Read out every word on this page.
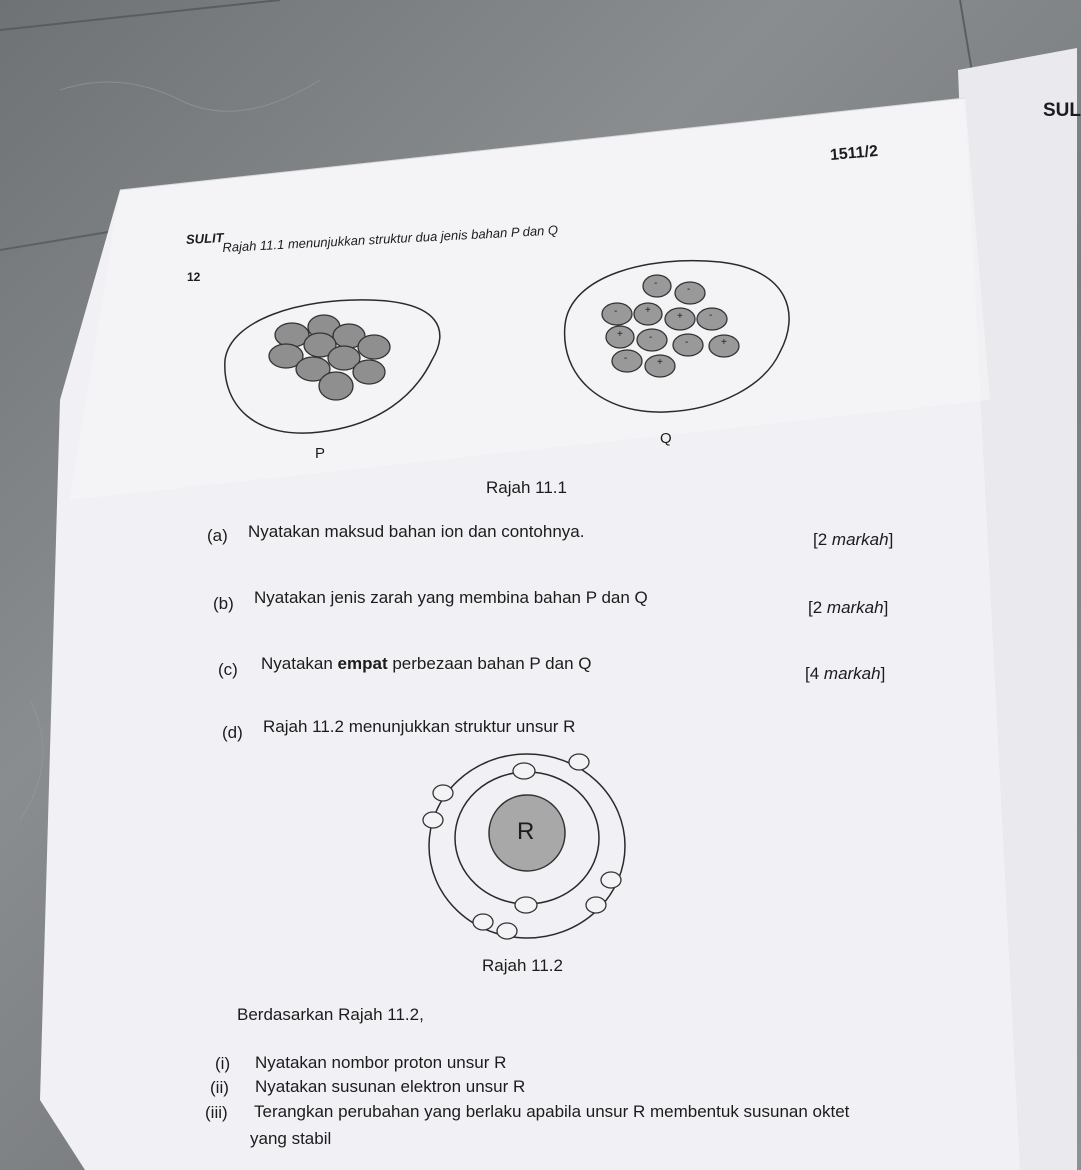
SUL
1511/2
SULIT
12
Rajah 11.1 menunjukkan struktur dua jenis bahan P dan Q
-
-
-	+
+	-
+	-	-	+
-	+
P
Q
Rajah 11.1
(a) Nyatakan maksud bahan ion dan contohnya.	[2 markah]
(b) Nyatakan jenis zarah yang membina bahan P dan Q
[2 markah]
(c) Nyatakan empat perbezaan bahan P dan Q
[4 markah]
(d) Rajah 11.2 menunjukkan struktur unsur R
R
Rajah 11.2
Berdasarkan Rajah 11.2,
(i) Nyatakan nombor proton unsur R
(ii) Nyatakan susunan elektron unsur R
(iii) Terangkan perubahan yang berlaku apabila unsur R membentuk susunan oktet
yang stabil
